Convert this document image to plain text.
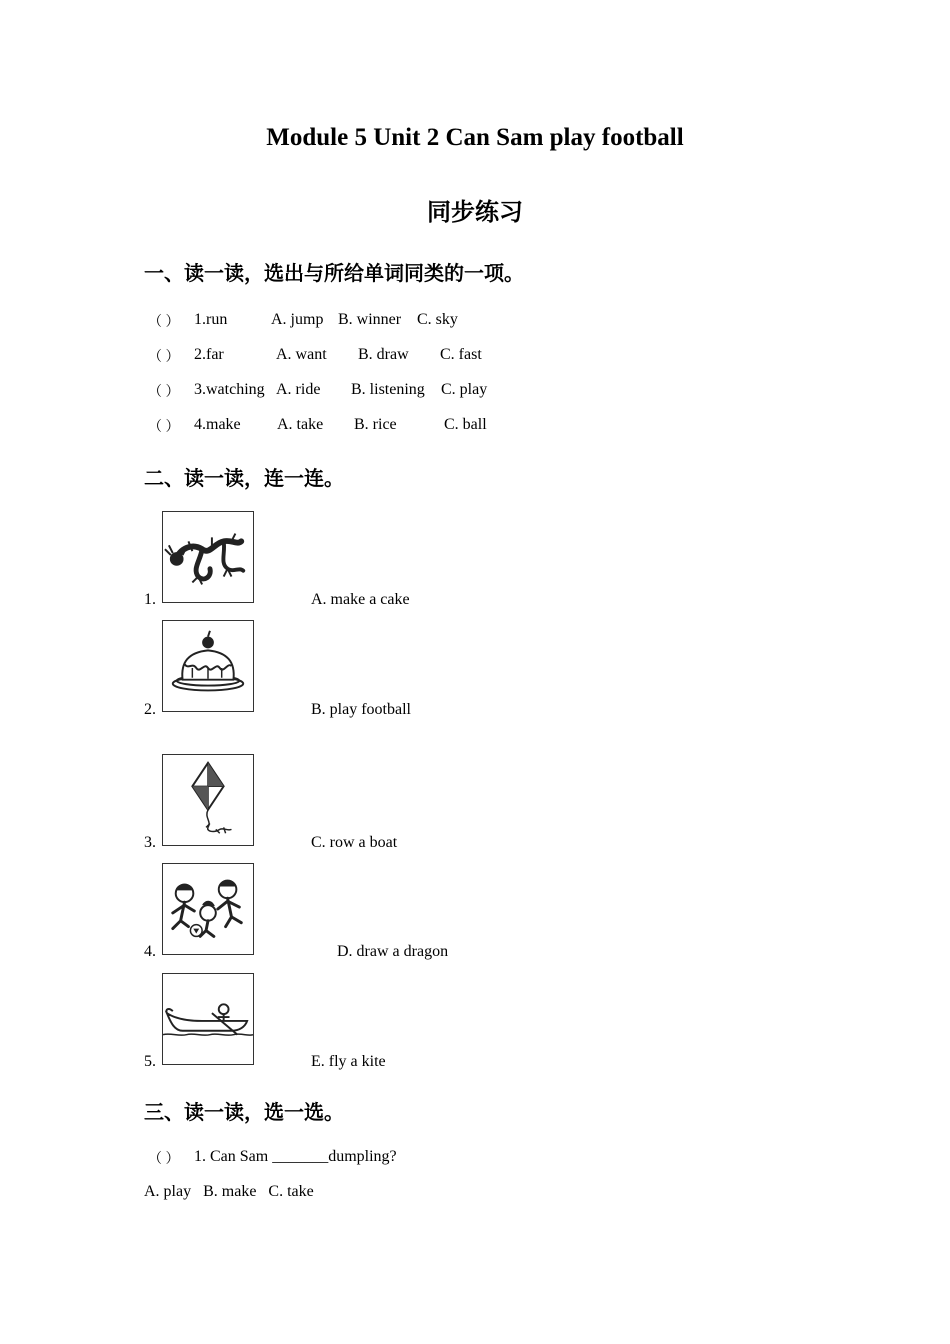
Module 5 Unit 2 Can Sam play football
同步练习
一、读一读，选出与所给单词同类的一项。
（ ） 1.run	A. jump B. winner C. sky
（ ） 2.far	A. want B. draw C. fast
（ ） 3.watching A. ride B. listening C. play
（ ） 4.make A. take B. rice	C. ball
二、读一读，连一连。
1.	A. make a cake
2.	B. play football
3.	C. row a boat
4.	D. draw a dragon
5.	E. fly a kite
三、读一读，选一选。
（ ） 1. Can Sam _______dumpling?
A. play   B. make   C. take
